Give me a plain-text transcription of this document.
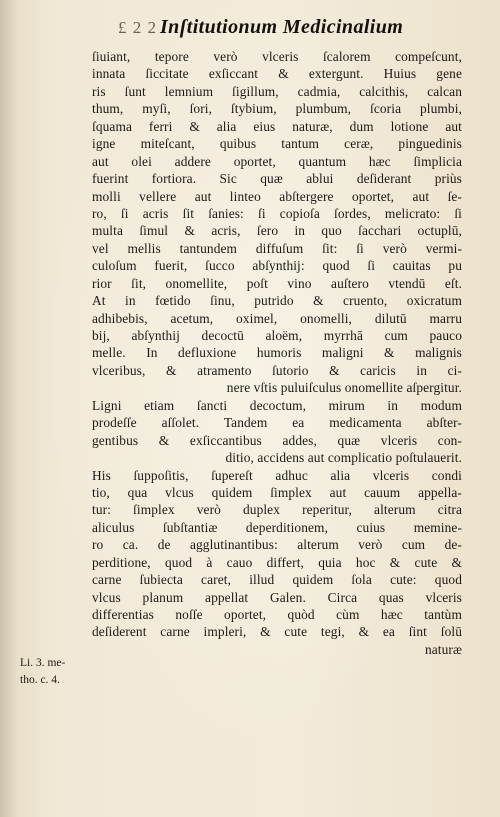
£ 2 2 Inſtitutionum Medicinalium
ſiuiant, tepore verò vlceris ſcalorem compeſcunt,
innata ſiccitate exſiccant & extergunt. Huius gene
ris ſunt lemnium ſigillum, cadmia, calcithis, calcan
thum, myſi, ſori, ſtybium, plumbum, ſcoria plumbi,
ſquama ferri & alia eius naturæ, dum lotione aut
igne miteſcant, quibus tantum ceræ, pinguedinis
aut olei addere oportet, quantum hæc ſimplicia
fuerint fortiora. Sic quæ ablui deſiderant priùs
molli vellere aut linteo abſtergere oportet, aut ſe-
ro, ſi acris ſit ſanies: ſi copioſa ſordes, melicrato: ſi
multa ſimul & acris, ſero in quo ſacchari octuplū,
vel mellis tantundem diffuſum ſit: ſi verò vermi-
culoſum fuerit, ſucco abſynthij: quod ſi cauitas pu
rior ſit, onomellite, poſt vino auſtero vtendū eſt.
At in fœtido ſinu, putrido & cruento, oxicratum
adhibebis, acetum, oximel, onomelli, dilutū marru
bij, abſynthij decoctū aloëm, myrrhā cum pauco
melle. In defluxione humoris maligni & malignis
vlceribus, & atramento ſutorio & caricis in ci-
nere vſtis puluiſculus onomellite aſpergitur.
Ligni etiam ſancti decoctum, mirum in modum
prodeſſe aſſolet. Tandem ea medicamenta abſter-
gentibus & exſiccantibus addes, quæ vlceris con-
ditio, accidens aut complicatio poſtulauerit.
His ſuppoſitis, ſupereſt adhuc alia vlceris condi
tio, qua vlcus quidem ſimplex aut cauum appella-
tur: ſimplex verò duplex reperitur, alterum citra
aliculus ſubſtantiæ deperditionem, cuius memine-
ro ca. de agglutinantibus: alterum verò cum de-
perditione, quod à cauo differt, quia hoc & cute &
carne ſubiecta caret, illud quidem ſola cute: quod
vlcus planum appellat Galen. Circa quas vlceris
differentias noſſe oportet, quòd cùm hæc tantùm
deſiderent carne impleri, & cute tegi, & ea ſint ſolū
naturæ
Li. 3. me-
tho. c. 4.
